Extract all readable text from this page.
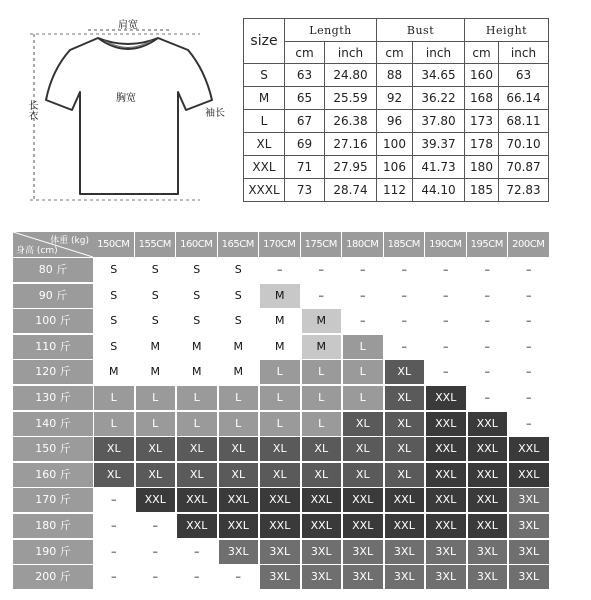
肩宽
胸宽
长衣	袖长
size	Length		Bust		Height	
	cm	inch	cm	inch	cm	inch
S	63	24.80	88	34.65	160	63
M	65	25.59	92	36.22	168	66.14
L	67	26.38	96	37.80	173	68.11
XL	69	27.16	100	39.37	178	70.10
XXL	71	27.95	106	41.73	180	70.87
XXXL	73	28.74	112	44.10	185	72.83
体重 (kg)
身高 (cm)
150CM 155CM 160CM 165CM 170CM 175CM 180CM 185CM 190CM 195CM 200CM
80 斤	S	S	S	S	–	–	–	–	–	–	–
90 斤	S	S	S	S	M	–	–	–	–	–	–
100 斤	S	S	S	S	M	M	–	–	–	–	–
110 斤	S	M	M	M	M	M	L	–	–	–	–
120 斤	M	M	M	M	L	L	L	XL	–	–	–
130 斤	L	L	L	L	L	L	L	XL	XXL	–	–
140 斤	L	L	L	L	L	L	XL	XL	XXL	XXL	–
150 斤	XL	XL	XL	XL	XL	XL	XL	XL	XXL	XXL	XXL
160 斤	XL	XL	XL	XL	XL	XL	XL	XL	XXL	XXL	XXL
170 斤	–	XXL	XXL	XXL	XXL	XXL	XXL	XXL	XXL	XXL	3XL
180 斤	–	–	XXL	XXL	XXL	XXL	XXL	XXL	XXL	XXL	3XL
190 斤	–	–	–	3XL	3XL	3XL	3XL	3XL	3XL	3XL	3XL
200 斤	–	–	–	–	3XL	3XL	3XL	3XL	3XL	3XL	3XL
